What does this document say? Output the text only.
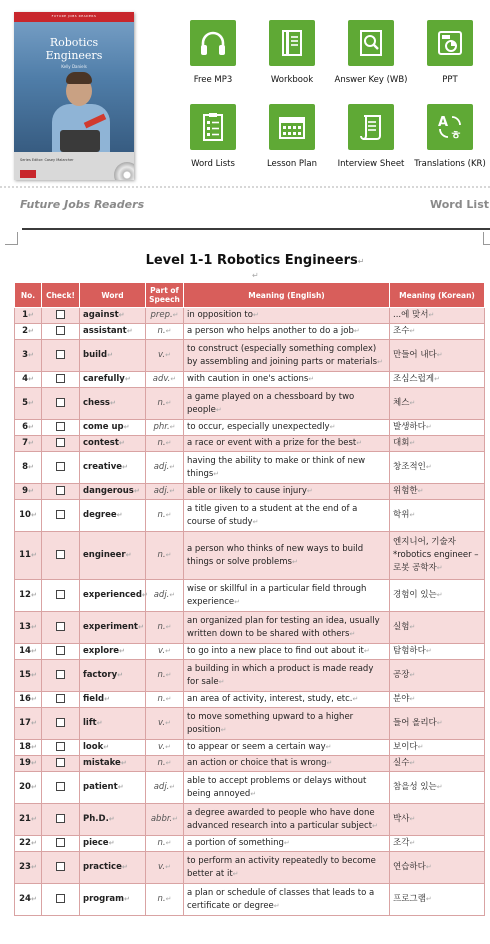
FUTURE JOBS READERS
Robotics
Engineers
Kelly Daniels
Series Editor: Casey Malarcher
Free MP3	Workbook	Answer Key (WB)	PPT
Word Lists	Lesson Plan	Interview Sheet
A
ㅎ
Translations (KR)
Future Jobs Readers	Word List
Level 1-1 Robotics Engineers↵
↵
No.	Check!	Word	Part of Speech	Meaning (English)	Meaning (Korean)
1↵		against↵	prep.↵	in opposition to↵	...에 맞서↵
2↵		assistant↵	n.↵	a person who helps another to do a job↵	조수↵
3↵		build↵	v.↵	to construct (especially something complex) by assembling and joining parts or materials↵	만들어 내다↵
4↵		carefully↵	adv.↵	with caution in one's actions↵	조심스럽게↵
5↵		chess↵	n.↵	a game played on a chessboard by two people↵	체스↵
6↵		come up↵	phr.↵	to occur, especially unexpectedly↵	발생하다↵
7↵		contest↵	n.↵	a race or event with a prize for the best↵	대회↵
8↵		creative↵	adj.↵	having the ability to make or think of new things↵	창조적인↵
9↵		dangerous↵	adj.↵	able or likely to cause injury↵	위험한↵
10↵		degree↵	n.↵	a title given to a student at the end of a course of study↵	학위↵
11↵		engineer↵	n.↵	a person who thinks of new ways to build things or solve problems↵	엔지니어, 기술자 *robotics engineer – 로봇 공학자↵
12↵		experienced↵	adj.↵	wise or skillful in a particular field through experience↵	경험이 있는↵
13↵		experiment↵	n.↵	an organized plan for testing an idea, usually written down to be shared with others↵	실험↵
14↵		explore↵	v.↵	to go into a new place to find out about it↵	탐험하다↵
15↵		factory↵	n.↵	a building in which a product is made ready for sale↵	공장↵
16↵		field↵	n.↵	an area of activity, interest, study, etc.↵	분야↵
17↵		lift↵	v.↵	to move something upward to a higher position↵	들어 올리다↵
18↵		look↵	v.↵	to appear or seem a certain way↵	보이다↵
19↵		mistake↵	n.↵	an action or choice that is wrong↵	실수↵
20↵		patient↵	adj.↵	able to accept problems or delays without being annoyed↵	참을성 있는↵
21↵		Ph.D.↵	abbr.↵	a degree awarded to people who have done advanced research into a particular subject↵	박사↵
22↵		piece↵	n.↵	a portion of something↵	조각↵
23↵		practice↵	v.↵	to perform an activity repeatedly to become better at it↵	연습하다↵
24↵		program↵	n.↵	a plan or schedule of classes that leads to a certificate or degree↵	프로그램↵
